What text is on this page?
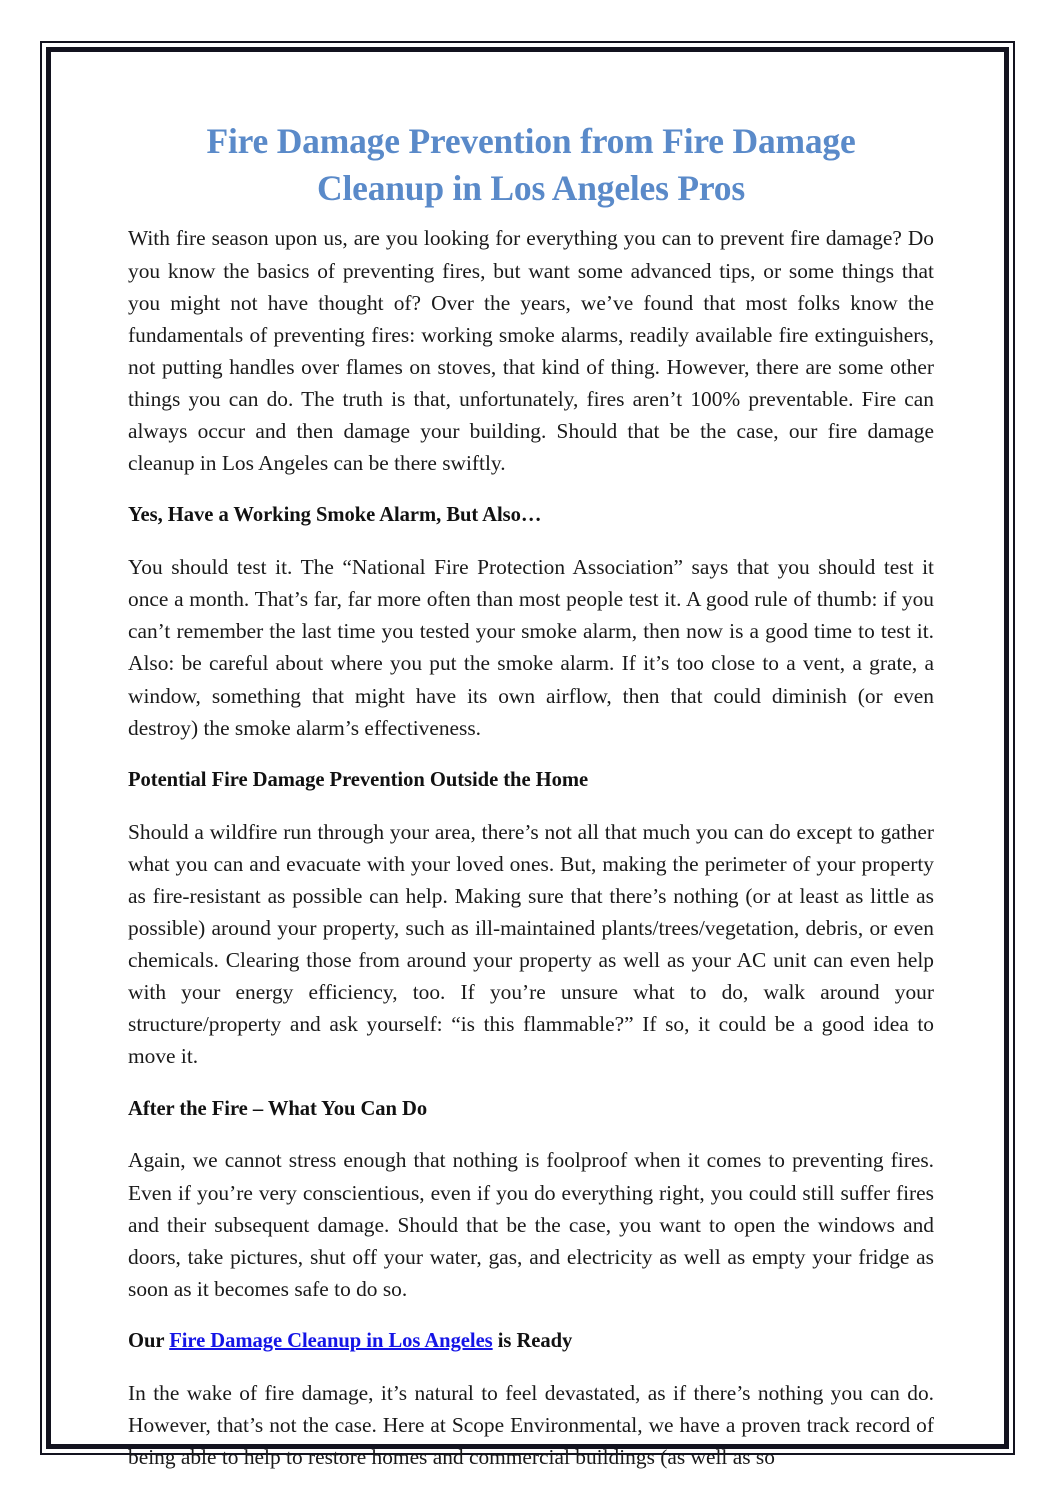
Fire Damage Prevention from Fire Damage Cleanup in Los Angeles Pros

With fire season upon us, are you looking for everything you can to prevent fire damage? Do you know the basics of preventing fires, but want some advanced tips, or some things that you might not have thought of? Over the years, we’ve found that most folks know the fundamentals of preventing fires: working smoke alarms, readily available fire extinguishers, not putting handles over flames on stoves, that kind of thing. However, there are some other things you can do. The truth is that, unfortunately, fires aren’t 100% preventable. Fire can always occur and then damage your building. Should that be the case, our fire damage cleanup in Los Angeles can be there swiftly.

Yes, Have a Working Smoke Alarm, But Also…

You should test it. The “National Fire Protection Association” says that you should test it once a month. That’s far, far more often than most people test it. A good rule of thumb: if you can’t remember the last time you tested your smoke alarm, then now is a good time to test it. Also: be careful about where you put the smoke alarm. If it’s too close to a vent, a grate, a window, something that might have its own airflow, then that could diminish (or even destroy) the smoke alarm’s effectiveness.

Potential Fire Damage Prevention Outside the Home

Should a wildfire run through your area, there’s not all that much you can do except to gather what you can and evacuate with your loved ones. But, making the perimeter of your property as fire-resistant as possible can help. Making sure that there’s nothing (or at least as little as possible) around your property, such as ill-maintained plants/trees/vegetation, debris, or even chemicals. Clearing those from around your property as well as your AC unit can even help with your energy efficiency, too. If you’re unsure what to do, walk around your structure/property and ask yourself: “is this flammable?” If so, it could be a good idea to move it.

After the Fire – What You Can Do

Again, we cannot stress enough that nothing is foolproof when it comes to preventing fires. Even if you’re very conscientious, even if you do everything right, you could still suffer fires and their subsequent damage. Should that be the case, you want to open the windows and doors, take pictures, shut off your water, gas, and electricity as well as empty your fridge as soon as it becomes safe to do so.

Our Fire Damage Cleanup in Los Angeles is Ready

In the wake of fire damage, it’s natural to feel devastated, as if there’s nothing you can do. However, that’s not the case. Here at Scope Environmental, we have a proven track record of being able to help to restore homes and commercial buildings (as well as so
